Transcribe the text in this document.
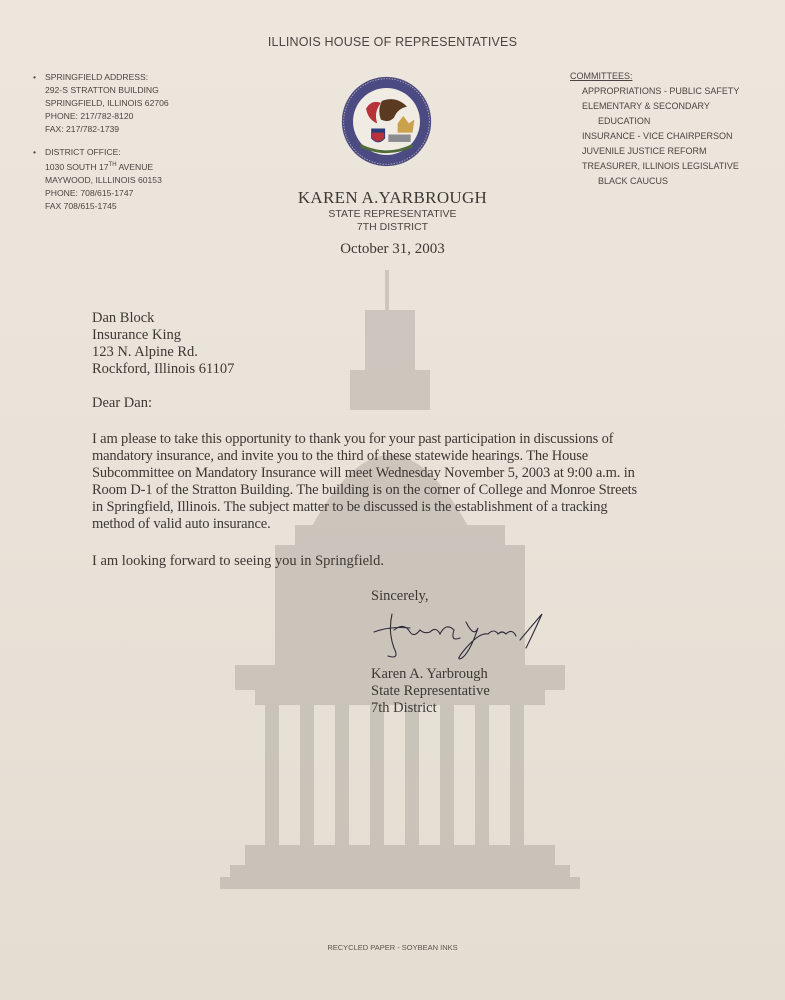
ILLINOIS HOUSE OF REPRESENTATIVES
• SPRINGFIELD ADDRESS:
292-S STRATTON BUILDING
SPRINGFIELD, ILLINOIS 62706
PHONE: 217/782-8120
FAX: 217/782-1739
• DISTRICT OFFICE:
1030 SOUTH 17TH AVENUE
MAYWOOD, ILLLINOIS 60153
PHONE: 708/615-1747
FAX 708/615-1745
COMMITTEES:
APPROPRIATIONS - PUBLIC SAFETY
ELEMENTARY & SECONDARY
EDUCATION
INSURANCE - VICE CHAIRPERSON
JUVENILE JUSTICE REFORM
TREASURER, ILLINOIS LEGISLATIVE
BLACK CAUCUS
KAREN A.YARBROUGH
STATE REPRESENTATIVE
7TH DISTRICT
October 31, 2003
Dan Block
Insurance King
123 N. Alpine Rd.
Rockford, Illinois 61107
Dear Dan:
I am please to take this opportunity to thank you for your past participation in discussions of
mandatory insurance, and invite you to the third of these statewide hearings. The House
Subcommittee on Mandatory Insurance will meet Wednesday November 5, 2003 at 9:00 a.m. in
Room D-1 of the Stratton Building. The building is on the corner of College and Monroe Streets
in Springfield, Illinois. The subject matter to be discussed is the establishment of a tracking
method of valid auto insurance.
I am looking forward to seeing you in Springfield.
Sincerely,
Karen A. Yarbrough
State Representative
7th District
RECYCLED PAPER - SOYBEAN INKS
